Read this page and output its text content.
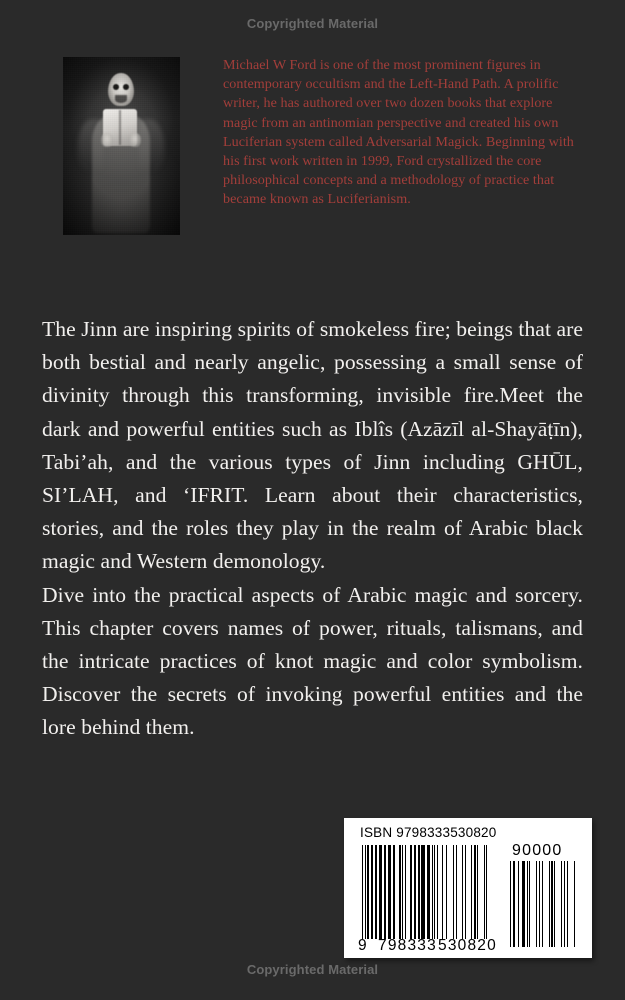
Copyrighted Material
Michael W Ford is one of the most prominent figures in contemporary occultism and the Left-Hand Path. A prolific writer, he has authored over two dozen books that explore magic from an antinomian perspective and created his own Luciferian system called Adversarial Magick. Beginning with his first work written in 1999, Ford crystallized the core philosophical concepts and a methodology of practice that became known as Luciferianism.

The Jinn are inspiring spirits of smokeless fire; beings that are both bestial and nearly angelic, possessing a small sense of divinity through this transforming, invisible fire.Meet the dark and powerful entities such as Iblîs (Azāzīl al-Shayāṭīn), Tabi’ah, and the various types of Jinn including GHŪL, SI’LAH, and ‘IFRIT. Learn about their characteristics, stories, and the roles they play in the realm of Arabic black magic and Western demonology.

Dive into the practical aspects of Arabic magic and sorcery. This chapter covers names of power, rituals, talismans, and the intricate practices of knot magic and color symbolism. Discover the secrets of invoking powerful entities and the lore behind them.

ISBN 9798333530820
90000
9 798333 530820
Copyrighted Material
